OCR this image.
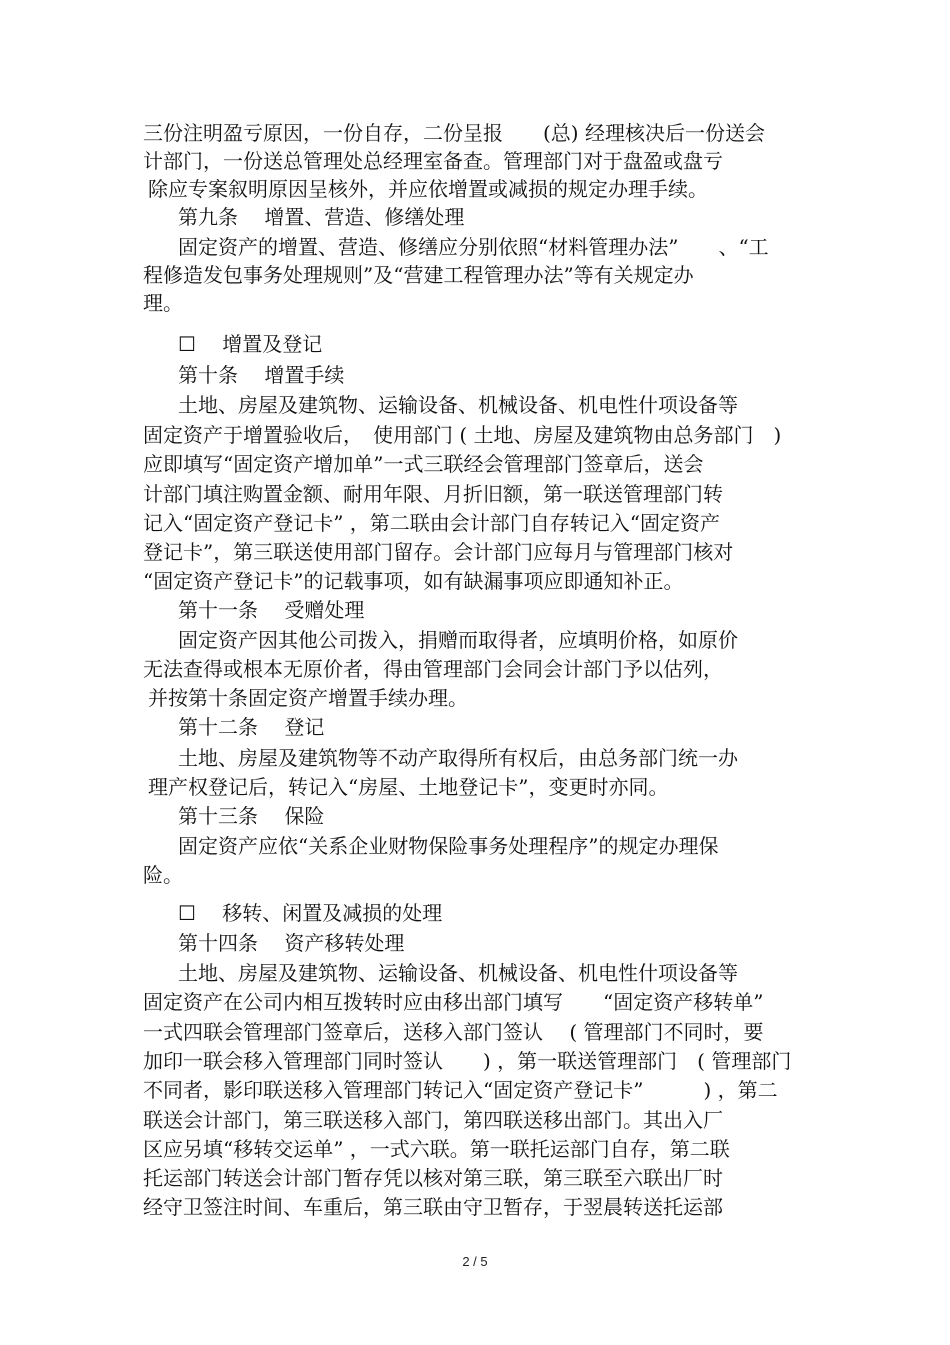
三份注明盈亏原因，一份自存，二份呈报　　(总) 经理核决后一份送会
计部门，一份送总管理处总经理室备查。管理部门对于盘盈或盘亏
除应专案叙明原因呈核外，并应依增置或减损的规定办理手续。
第九条　 增置、营造、修缮处理
固定资产的增置、营造、修缮应分别依照“材料管理办法”　　、“工
程修造发包事务处理规则”及“营建工程管理办法”等有关规定办
理。
☐　 增置及登记
第十条　 增置手续
土地、房屋及建筑物、运输设备、机械设备、机电性什项设备等
固定资产于增置验收后，　使用部门 ( 土地、房屋及建筑物由总务部门　)
应即填写“固定资产增加单”一式三联经会管理部门签章后，送会
计部门填注购置金额、耐用年限、月折旧额，第一联送管理部门转
记入“固定资产登记卡” ，第二联由会计部门自存转记入“固定资产
登记卡”，第三联送使用部门留存。会计部门应每月与管理部门核对
“固定资产登记卡”的记载事项，如有缺漏事项应即通知补正。
第十一条　 受赠处理
固定资产因其他公司拨入，捐赠而取得者，应填明价格，如原价
无法查得或根本无原价者，得由管理部门会同会计部门予以估列，
并按第十条固定资产增置手续办理。
第十二条　 登记
土地、房屋及建筑物等不动产取得所有权后，由总务部门统一办
理产权登记后，转记入“房屋、土地登记卡”，变更时亦同。
第十三条　 保险
固定资产应依“关系企业财物保险事务处理程序”的规定办理保
险。
☐　 移转、闲置及减损的处理
第十四条　 资产移转处理
土地、房屋及建筑物、运输设备、机械设备、机电性什项设备等
固定资产在公司内相互拨转时应由移出部门填写　　“固定资产移转单”
一式四联会管理部门签章后，送移入部门签认　 ( 管理部门不同时，要
加印一联会移入管理部门同时签认　　) ，第一联送管理部门　( 管理部门
不同者，影印联送移入管理部门转记入“固定资产登记卡”　　　) ，第二
联送会计部门，第三联送移入部门，第四联送移出部门。其出入厂
区应另填“移转交运单” ，一式六联。第一联托运部门自存，第二联
托运部门转送会计部门暂存凭以核对第三联，第三联至六联出厂时
经守卫签注时间、车重后，第三联由守卫暂存，于翌晨转送托运部
2 / 5
